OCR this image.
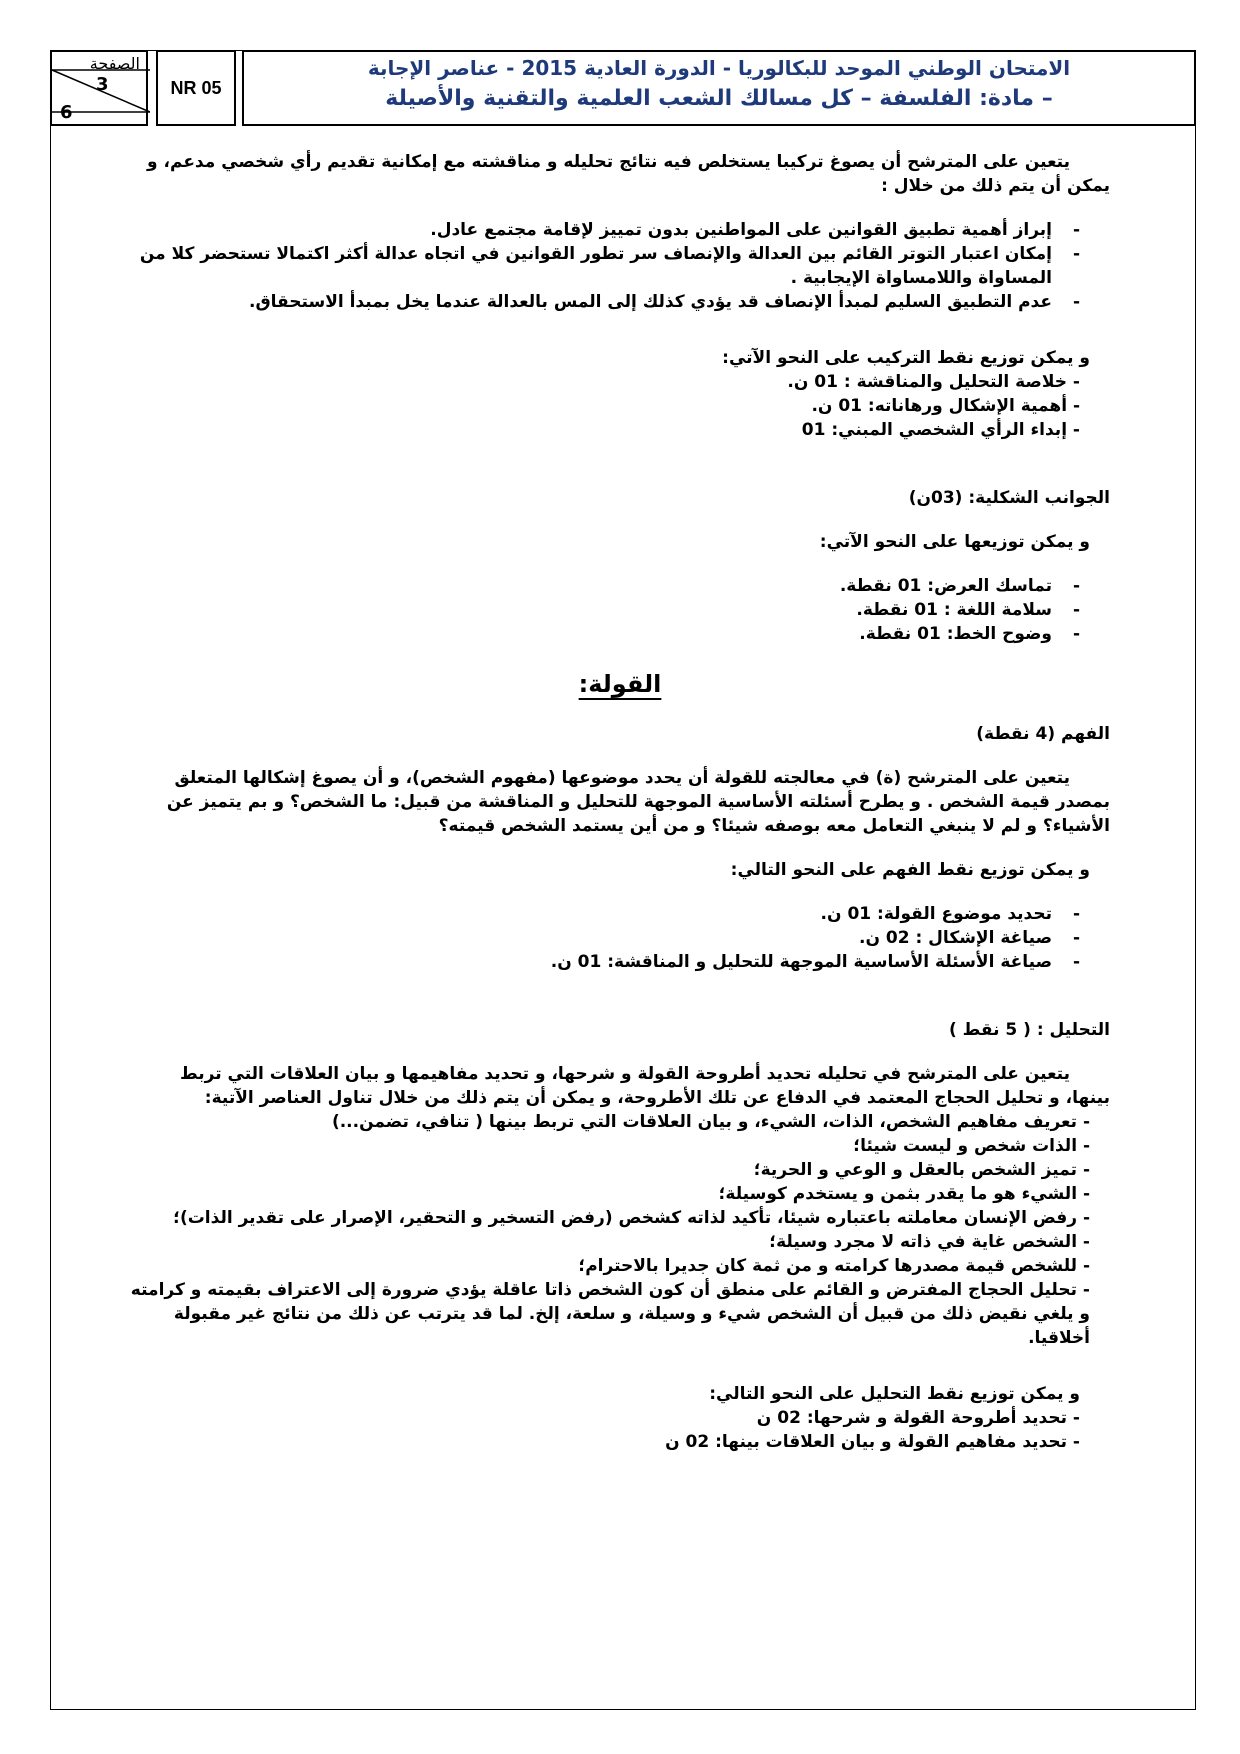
الصفحة
3
6
NR 05
الامتحان الوطني الموحد للبكالوريا - الدورة العادية 2015 - عناصر الإجابة
– مادة: الفلسفة – كل مسالك الشعب العلمية والتقنية والأصيلة

يتعين على المترشح أن يصوغ تركيبا يستخلص فيه نتائج تحليله و مناقشته مع إمكانية تقديم رأي شخصي مدعم، و يمكن أن يتم ذلك من خلال :

- إبراز أهمية تطبيق القوانين على المواطنين بدون تمييز لإقامة مجتمع عادل.
- إمكان اعتبار التوتر القائم بين العدالة والإنصاف سر تطور القوانين في اتجاه عدالة أكثر اكتمالا تستحضر كلا من المساواة واللامساواة الإيجابية .
- عدم التطبيق السليم لمبدأ الإنصاف قد يؤدي كذلك إلى المس بالعدالة عندما يخل بمبدأ الاستحقاق.

و يمكن توزيع نقط التركيب على النحو الآتي:

- خلاصة التحليل والمناقشة : 01 ن.
- أهمية الإشكال ورهاناته: 01 ن.
- إبداء الرأي الشخصي المبني: 01

الجوانب الشكلية: (03ن)

و يمكن توزيعها على النحو الآتي:

- تماسك العرض: 01 نقطة.
- سلامة اللغة : 01 نقطة.
- وضوح الخط: 01 نقطة.

القولة:

الفهم (4 نقطة)

يتعين على المترشح (ة) في معالجته للقولة أن يحدد موضوعها (مفهوم الشخص)، و أن يصوغ إشكالها المتعلق بمصدر قيمة الشخص . و يطرح أسئلته الأساسية الموجهة للتحليل و المناقشة من قبيل: ما الشخص؟ و بم يتميز عن الأشياء؟ و لم لا ينبغي التعامل معه بوصفه شيئا؟ و من أين يستمد الشخص قيمته؟

و يمكن توزيع نقط الفهم على النحو التالي:

- تحديد موضوع القولة: 01 ن.
- صياغة الإشكال : 02 ن.
- صياغة الأسئلة الأساسية الموجهة للتحليل و المناقشة: 01 ن.

التحليل : ( 5 نقط )

يتعين على المترشح في تحليله تحديد أطروحة القولة و شرحها، و تحديد مفاهيمها و بيان العلاقات التي تربط بينها، و تحليل الحجاج المعتمد في الدفاع عن تلك الأطروحة، و يمكن أن يتم ذلك من خلال تناول العناصر الآتية:

- تعريف مفاهيم الشخص، الذات، الشيء، و بيان العلاقات التي تربط بينها ( تنافي، تضمن...)
- الذات شخص و ليست شيئا؛
- تميز الشخص بالعقل و الوعي و الحرية؛
- الشيء هو ما يقدر بثمن و يستخدم كوسيلة؛
- رفض الإنسان معاملته باعتباره شيئا، تأكيد لذاته كشخص (رفض التسخير و التحقير، الإصرار على تقدير الذات)؛
- الشخص غاية في ذاته لا مجرد وسيلة؛
- للشخص قيمة مصدرها كرامته و من ثمة كان جديرا بالاحترام؛
- تحليل الحجاج المفترض و القائم على منطق أن كون الشخص ذاتا عاقلة يؤدي ضرورة إلى الاعتراف بقيمته و كرامته و يلغي نقيض ذلك من قبيل أن الشخص شيء و وسيلة، و سلعة، إلخ. لما قد يترتب عن ذلك من نتائج غير مقبولة أخلاقيا.

و يمكن توزيع نقط التحليل على النحو التالي:

- تحديد أطروحة القولة و شرحها: 02 ن
- تحديد مفاهيم القولة و بيان العلاقات بينها: 02 ن
